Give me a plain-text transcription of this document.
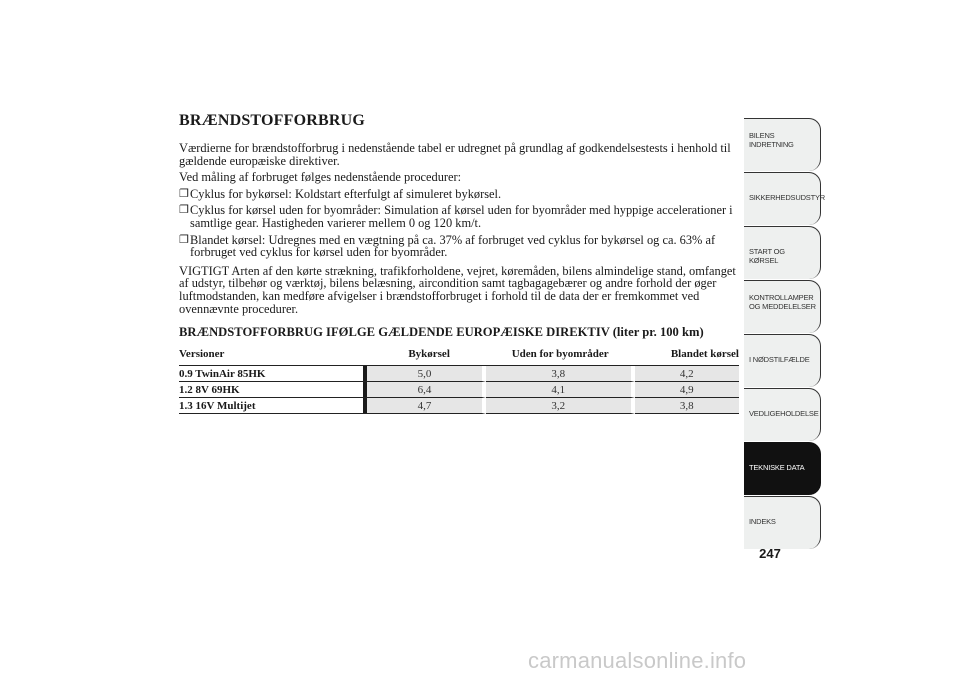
BRÆNDSTOFFORBRUG

Værdierne for brændstofforbrug i nedenstående tabel er udregnet på grundlag af godkendelsestests i henhold til gældende europæiske direktiver.

Ved måling af forbruget følges nedenstående procedurer:

❐ Cyklus for bykørsel: Koldstart efterfulgt af simuleret bykørsel.
❐ Cyklus for kørsel uden for byområder: Simulation af kørsel uden for byområder med hyppige accelerationer i samtlige gear. Hastigheden varierer mellem 0 og 120 km/t.
❐ Blandet kørsel: Udregnes med en vægtning på ca. 37% af forbruget ved cyklus for bykørsel og ca. 63% af forbruget ved cyklus for kørsel uden for byområder.

VIGTIGT Arten af den kørte strækning, trafikforholdene, vejret, køremåden, bilens almindelige stand, omfanget af udstyr, tilbehør og værktøj, bilens belæsning, aircondition samt tagbagagebærer og andre forhold der øger luftmodstanden, kan medføre afvigelser i brændstofforbruget i forhold til de data der er fremkommet ved ovennævnte procedurer.

BRÆNDSTOFFORBRUG IFØLGE GÆLDENDE EUROPÆISKE DIREKTIV (liter pr. 100 km)
Versioner		Bykørsel	Uden for byområder	Blandet kørsel
0.9 TwinAir 85HK		5,0	3,8	4,2
1.2 8V 69HK		6,4	4,1	4,9
1.3 16V Multijet		4,7	3,2	3,8
BILENS INDRETNING
SIKKERHEDSUDSTYR
START OG KØRSEL
KONTROLLAMPER OG MEDDELELSER
I NØDSTILFÆLDE
VEDLIGEHOLDELSE
TEKNISKE DATA
INDEKS
247
carmanualsonline.info
